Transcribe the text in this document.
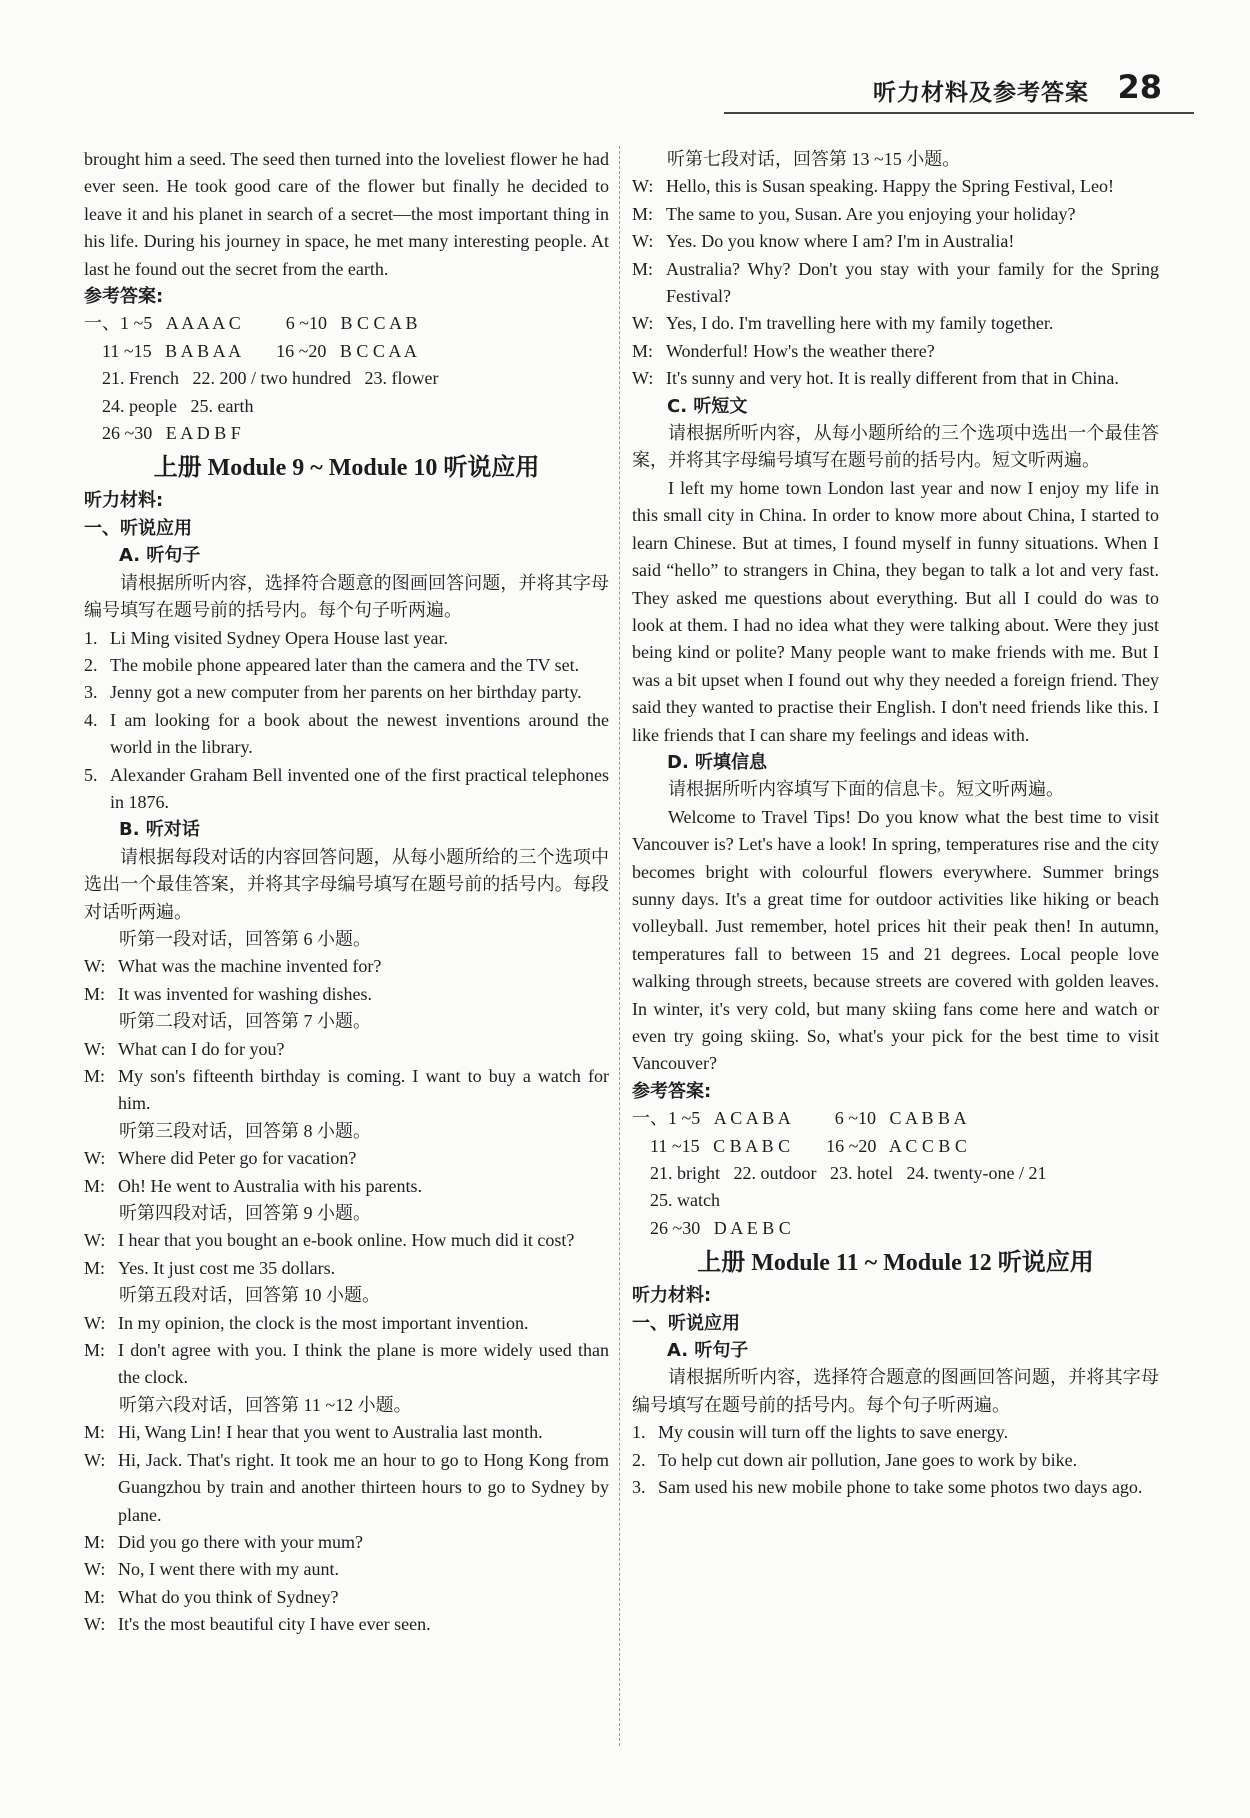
听力材料及参考答案 28

brought him a seed. The seed then turned into the loveliest flower he had ever seen. He took good care of the flower but finally he decided to leave it and his planet in search of a secret—the most important thing in his life. During his journey in space, he met many interesting people. At last he found out the secret from the earth.

参考答案:

一、1 ~5   A A A A C          6 ~10   B C C A B
11 ~15   B A B A A        16 ~20   B C C A A
21. French   22. 200 / two hundred   23. flower
24. people   25. earth
26 ~30   E A D B F
上册 Module 9 ~ Module 10 听说应用

听力材料:

一、听说应用

A. 听句子

请根据所听内容，选择符合题意的图画回答问题，并将其字母编号填写在题号前的括号内。每个句子听两遍。

1. Li Ming visited Sydney Opera House last year.
2. The mobile phone appeared later than the camera and the TV set.
3. Jenny got a new computer from her parents on her birthday party.
4. I am looking for a book about the newest inventions around the world in the library.
5. Alexander Graham Bell invented one of the first practical telephones in 1876.

B. 听对话

请根据每段对话的内容回答问题，从每小题所给的三个选项中选出一个最佳答案，并将其字母编号填写在题号前的括号内。每段对话听两遍。

听第一段对话，回答第 6 小题。

W: What was the machine invented for?
M: It was invented for washing dishes.

听第二段对话，回答第 7 小题。

W: What can I do for you?
M: My son's fifteenth birthday is coming. I want to buy a watch for him.

听第三段对话，回答第 8 小题。

W: Where did Peter go for vacation?
M: Oh! He went to Australia with his parents.

听第四段对话，回答第 9 小题。

W: I hear that you bought an e-book online. How much did it cost?
M: Yes. It just cost me 35 dollars.

听第五段对话，回答第 10 小题。

W: In my opinion, the clock is the most important invention.
M: I don't agree with you. I think the plane is more widely used than the clock.

听第六段对话，回答第 11 ~12 小题。

M: Hi, Wang Lin! I hear that you went to Australia last month.
W: Hi, Jack. That's right. It took me an hour to go to Hong Kong from Guangzhou by train and another thirteen hours to go to Sydney by plane.
M: Did you go there with your mum?
W: No, I went there with my aunt.
M: What do you think of Sydney?
W: It's the most beautiful city I have ever seen.

听第七段对话，回答第 13 ~15 小题。

W: Hello, this is Susan speaking. Happy the Spring Festival, Leo!
M: The same to you, Susan. Are you enjoying your holiday?
W: Yes. Do you know where I am? I'm in Australia!
M: Australia? Why? Don't you stay with your family for the Spring Festival?
W: Yes, I do. I'm travelling here with my family together.
M: Wonderful! How's the weather there?
W: It's sunny and very hot. It is really different from that in China.

C. 听短文

请根据所听内容，从每小题所给的三个选项中选出一个最佳答案，并将其字母编号填写在题号前的括号内。短文听两遍。

I left my home town London last year and now I enjoy my life in this small city in China. In order to know more about China, I started to learn Chinese. But at times, I found myself in funny situations. When I said “hello” to strangers in China, they began to talk a lot and very fast. They asked me questions about everything. But all I could do was to look at them. I had no idea what they were talking about. Were they just being kind or polite? Many people want to make friends with me. But I was a bit upset when I found out why they needed a foreign friend. They said they wanted to practise their English. I don't need friends like this. I like friends that I can share my feelings and ideas with.

D. 听填信息

请根据所听内容填写下面的信息卡。短文听两遍。

Welcome to Travel Tips! Do you know what the best time to visit Vancouver is? Let's have a look! In spring, temperatures rise and the city becomes bright with colourful flowers everywhere. Summer brings sunny days. It's a great time for outdoor activities like hiking or beach volleyball. Just remember, hotel prices hit their peak then! In autumn, temperatures fall to between 15 and 21 degrees. Local people love walking through streets, because streets are covered with golden leaves. In winter, it's very cold, but many skiing fans come here and watch or even try going skiing. So, what's your pick for the best time to visit Vancouver?

参考答案:

一、1 ~5   A C A B A          6 ~10   C A B B A
11 ~15   C B A B C        16 ~20   A C C B C
21. bright   22. outdoor   23. hotel   24. twenty-one / 21
25. watch
26 ~30   D A E B C
上册 Module 11 ~ Module 12 听说应用

听力材料:

一、听说应用

A. 听句子

请根据所听内容，选择符合题意的图画回答问题，并将其字母编号填写在题号前的括号内。每个句子听两遍。

1. My cousin will turn off the lights to save energy.
2. To help cut down air pollution, Jane goes to work by bike.
3. Sam used his new mobile phone to take some photos two days ago.
